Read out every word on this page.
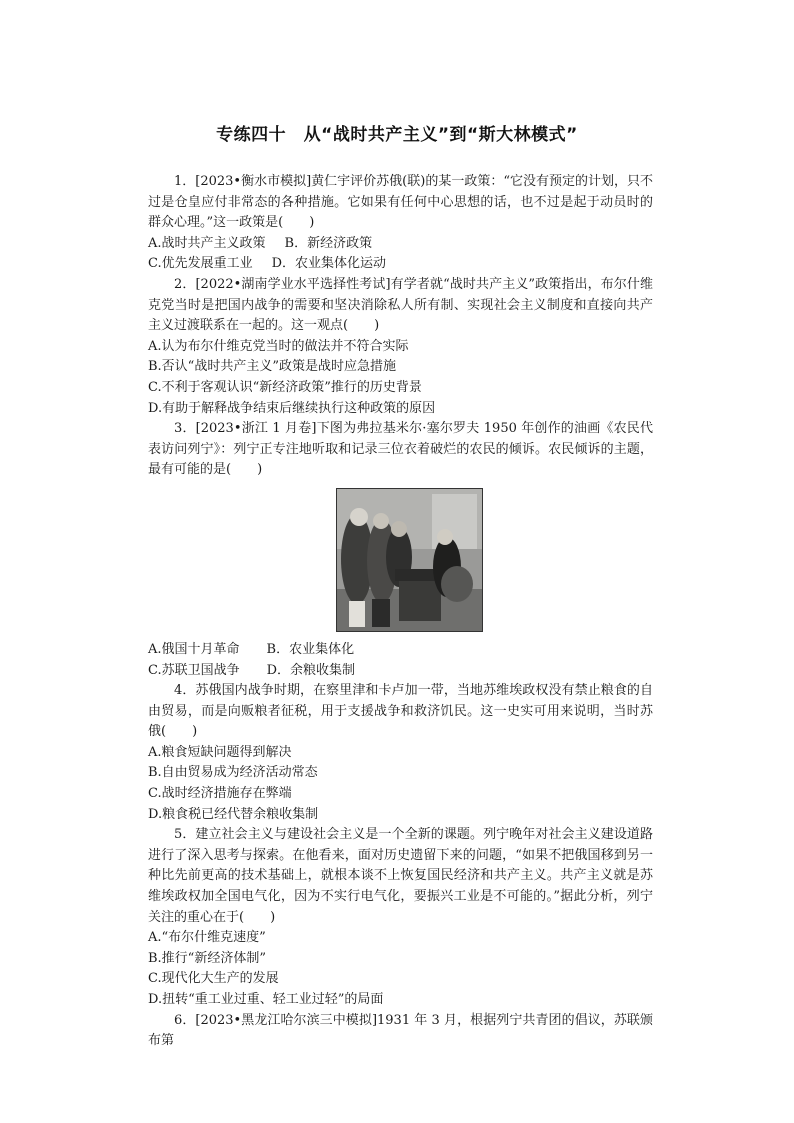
专练四十　从“战时共产主义”到“斯大林模式”

1．[2023•衡水市模拟]黄仁宇评价苏俄(联)的某一政策：“它没有预定的计划，只不过是仓皇应付非常态的各种措施。它如果有任何中心思想的话，也不过是起于动员时的群众心理。”这一政策是(　　)

A.战时共产主义政策 B．新经济政策

C.优先发展重工业 D．农业集体化运动

2．[2022•湖南学业水平选择性考试]有学者就“战时共产主义”政策指出，布尔什维克党当时是把国内战争的需要和坚决消除私人所有制、实现社会主义制度和直接向共产主义过渡联系在一起的。这一观点(　　)

A.认为布尔什维克党当时的做法并不符合实际

B.否认“战时共产主义”政策是战时应急措施

C.不利于客观认识“新经济政策”推行的历史背景

D.有助于解释战争结束后继续执行这种政策的原因

3．[2023•浙江 1 月卷]下图为弗拉基米尔·塞尔罗夫 1950 年创作的油画《农民代表访问列宁》：列宁正专注地听取和记录三位衣着破烂的农民的倾诉。农民倾诉的主题，最有可能的是(　　)

A.俄国十月革命 B．农业集体化

C.苏联卫国战争 D．余粮收集制

4．苏俄国内战争时期，在察里津和卡卢加一带，当地苏维埃政权没有禁止粮食的自由贸易，而是向贩粮者征税，用于支援战争和救济饥民。这一史实可用来说明，当时苏俄(　　)

A.粮食短缺问题得到解决

B.自由贸易成为经济活动常态

C.战时经济措施存在弊端

D.粮食税已经代替余粮收集制

5．建立社会主义与建设社会主义是一个全新的课题。列宁晚年对社会主义建设道路进行了深入思考与探索。在他看来，面对历史遗留下来的问题，“如果不把俄国移到另一种比先前更高的技术基础上，就根本谈不上恢复国民经济和共产主义。共产主义就是苏维埃政权加全国电气化，因为不实行电气化，要振兴工业是不可能的。”据此分析，列宁关注的重心在于(　　)

A.“布尔什维克速度”

B.推行“新经济体制”

C.现代化大生产的发展

D.扭转“重工业过重、轻工业过轻”的局面

6．[2023•黑龙江哈尔滨三中模拟]1931 年 3 月，根据列宁共青团的倡议，苏联颁布第
